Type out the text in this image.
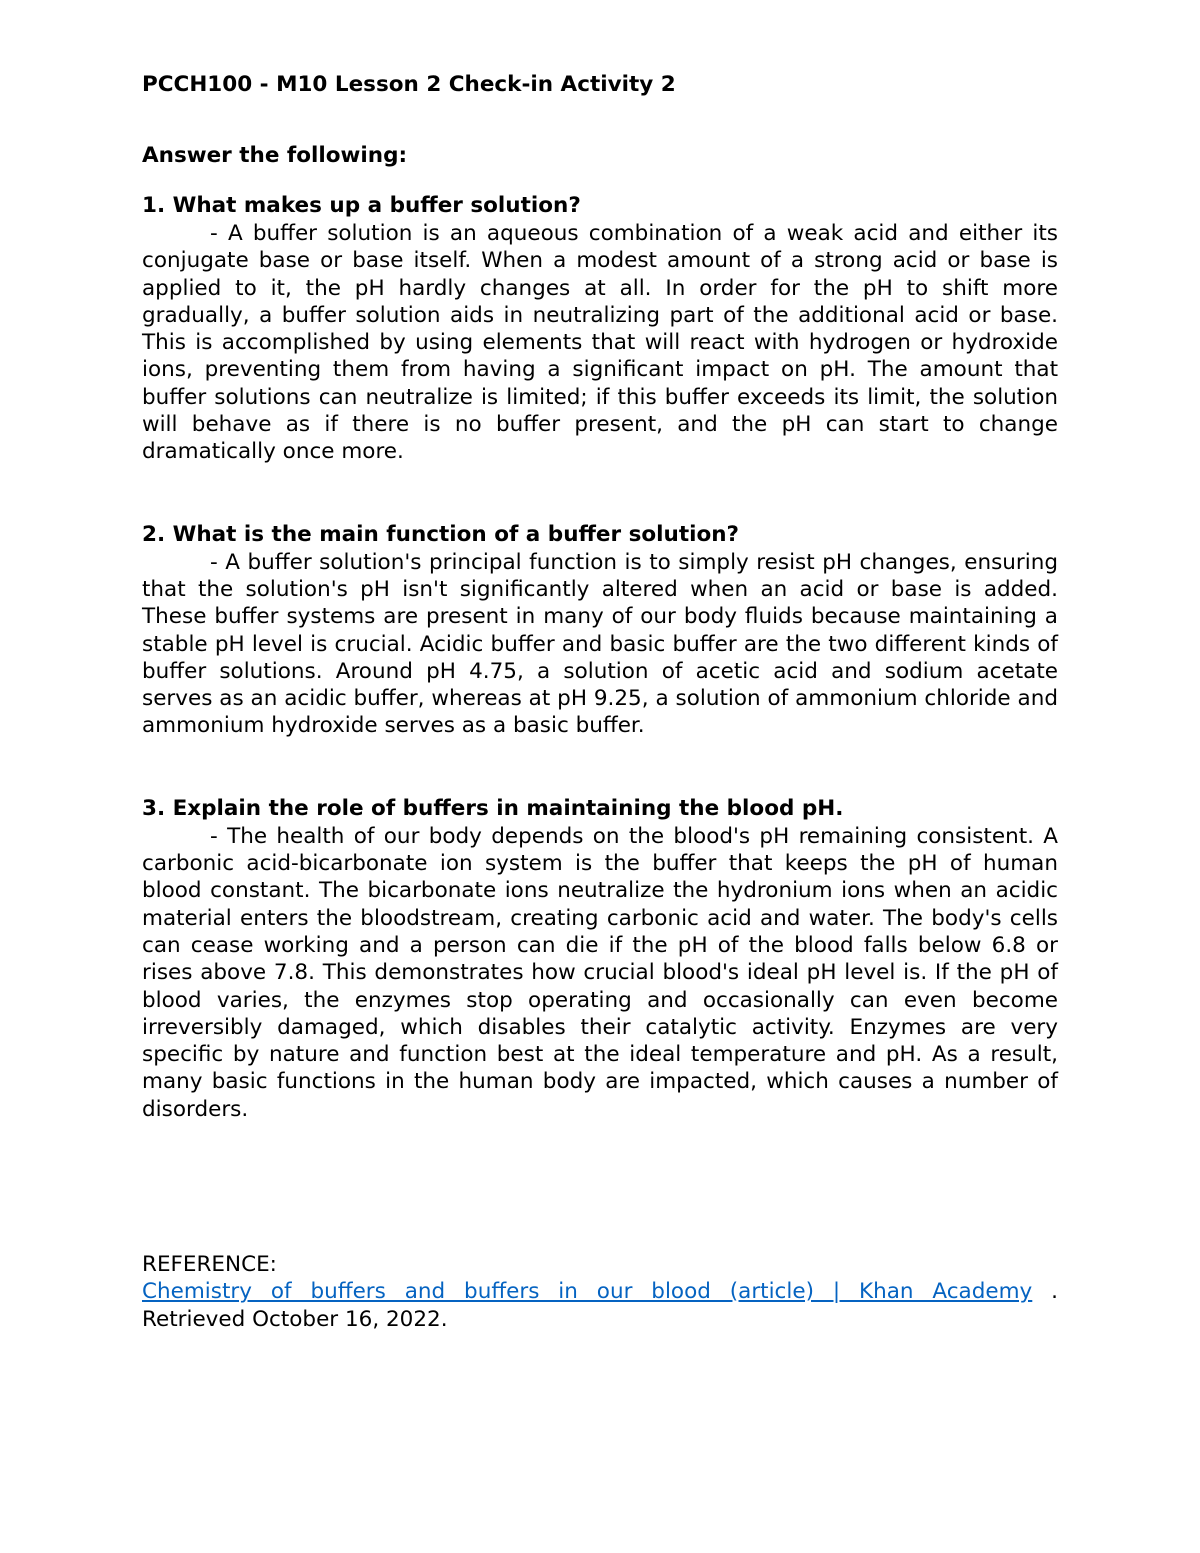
PCCH100 - M10 Lesson 2 Check-in Activity 2

Answer the following:

1. What makes up a buffer solution?

- A buffer solution is an aqueous combination of a weak acid and either its conjugate base or base itself. When a modest amount of a strong acid or base is applied to it, the pH hardly changes at all. In order for the pH to shift more gradually, a buffer solution aids in neutralizing part of the additional acid or base. This is accomplished by using elements that will react with hydrogen or hydroxide ions, preventing them from having a significant impact on pH. The amount that buffer solutions can neutralize is limited; if this buffer exceeds its limit, the solution will behave as if there is no buffer present, and the pH can start to change dramatically once more.

2. What is the main function of a buffer solution?

- A buffer solution's principal function is to simply resist pH changes, ensuring that the solution's pH isn't significantly altered when an acid or base is added. These buffer systems are present in many of our body fluids because maintaining a stable pH level is crucial. Acidic buffer and basic buffer are the two different kinds of buffer solutions. Around pH 4.75, a solution of acetic acid and sodium acetate serves as an acidic buffer, whereas at pH 9.25, a solution of ammonium chloride and ammonium hydroxide serves as a basic buffer.

3. Explain the role of buffers in maintaining the blood pH.

- The health of our body depends on the blood's pH remaining consistent. A carbonic acid-bicarbonate ion system is the buffer that keeps the pH of human blood constant. The bicarbonate ions neutralize the hydronium ions when an acidic material enters the bloodstream, creating carbonic acid and water. The body's cells can cease working and a person can die if the pH of the blood falls below 6.8 or rises above 7.8. This demonstrates how crucial blood's ideal pH level is. If the pH of blood varies, the enzymes stop operating and occasionally can even become irreversibly damaged, which disables their catalytic activity. Enzymes are very specific by nature and function best at the ideal temperature and pH. As a result, many basic functions in the human body are impacted, which causes a number of disorders.

REFERENCE:

Chemistry of buffers and buffers in our blood (article) | Khan Academy .

Retrieved October 16, 2022.
